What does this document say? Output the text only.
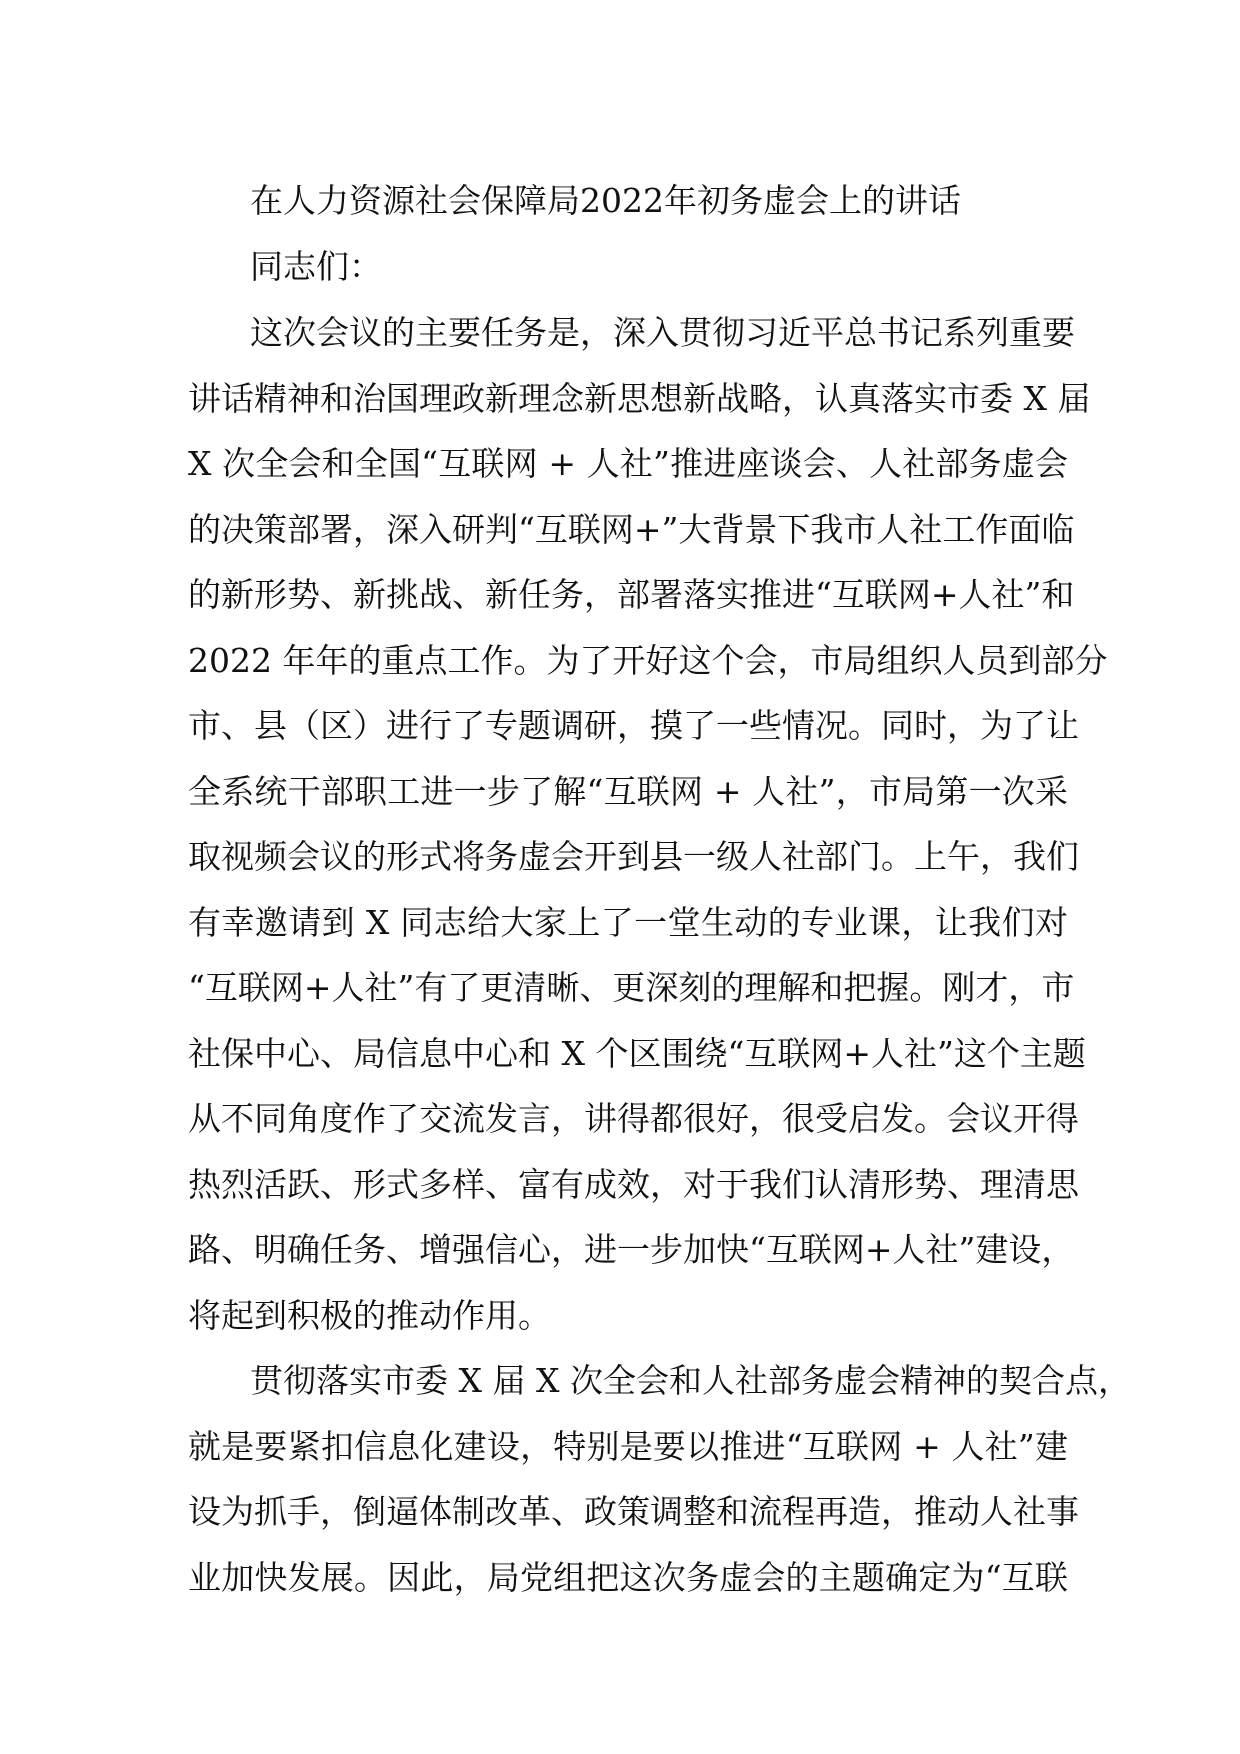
在人力资源社会保障局2022年初务虚会上的讲话
同志们：
这次会议的主要任务是，深入贯彻习近平总书记系列重要
讲话精神和治国理政新理念新思想新战略，认真落实市委 X 届
X 次全会和全国“互联网 + 人社”推进座谈会、人社部务虚会
的决策部署，深入研判“互联网+”大背景下我市人社工作面临
的新形势、新挑战、新任务，部署落实推进“互联网+人社”和
2022 年年的重点工作。为了开好这个会，市局组织人员到部分
市、县（区）进行了专题调研，摸了一些情况。同时，为了让
全系统干部职工进一步了解“互联网 + 人社”，市局第一次采
取视频会议的形式将务虚会开到县一级人社部门。上午，我们
有幸邀请到 X 同志给大家上了一堂生动的专业课，让我们对
“互联网+人社”有了更清晰、更深刻的理解和把握。刚才，市
社保中心、局信息中心和 X 个区围绕“互联网+人社”这个主题
从不同角度作了交流发言，讲得都很好，很受启发。会议开得
热烈活跃、形式多样、富有成效，对于我们认清形势、理清思
路、明确任务、增强信心，进一步加快“互联网+人社”建设，
将起到积极的推动作用。
贯彻落实市委 X 届 X 次全会和人社部务虚会精神的契合点，
就是要紧扣信息化建设，特别是要以推进“互联网 + 人社”建
设为抓手，倒逼体制改革、政策调整和流程再造，推动人社事
业加快发展。因此，局党组把这次务虚会的主题确定为“互联
